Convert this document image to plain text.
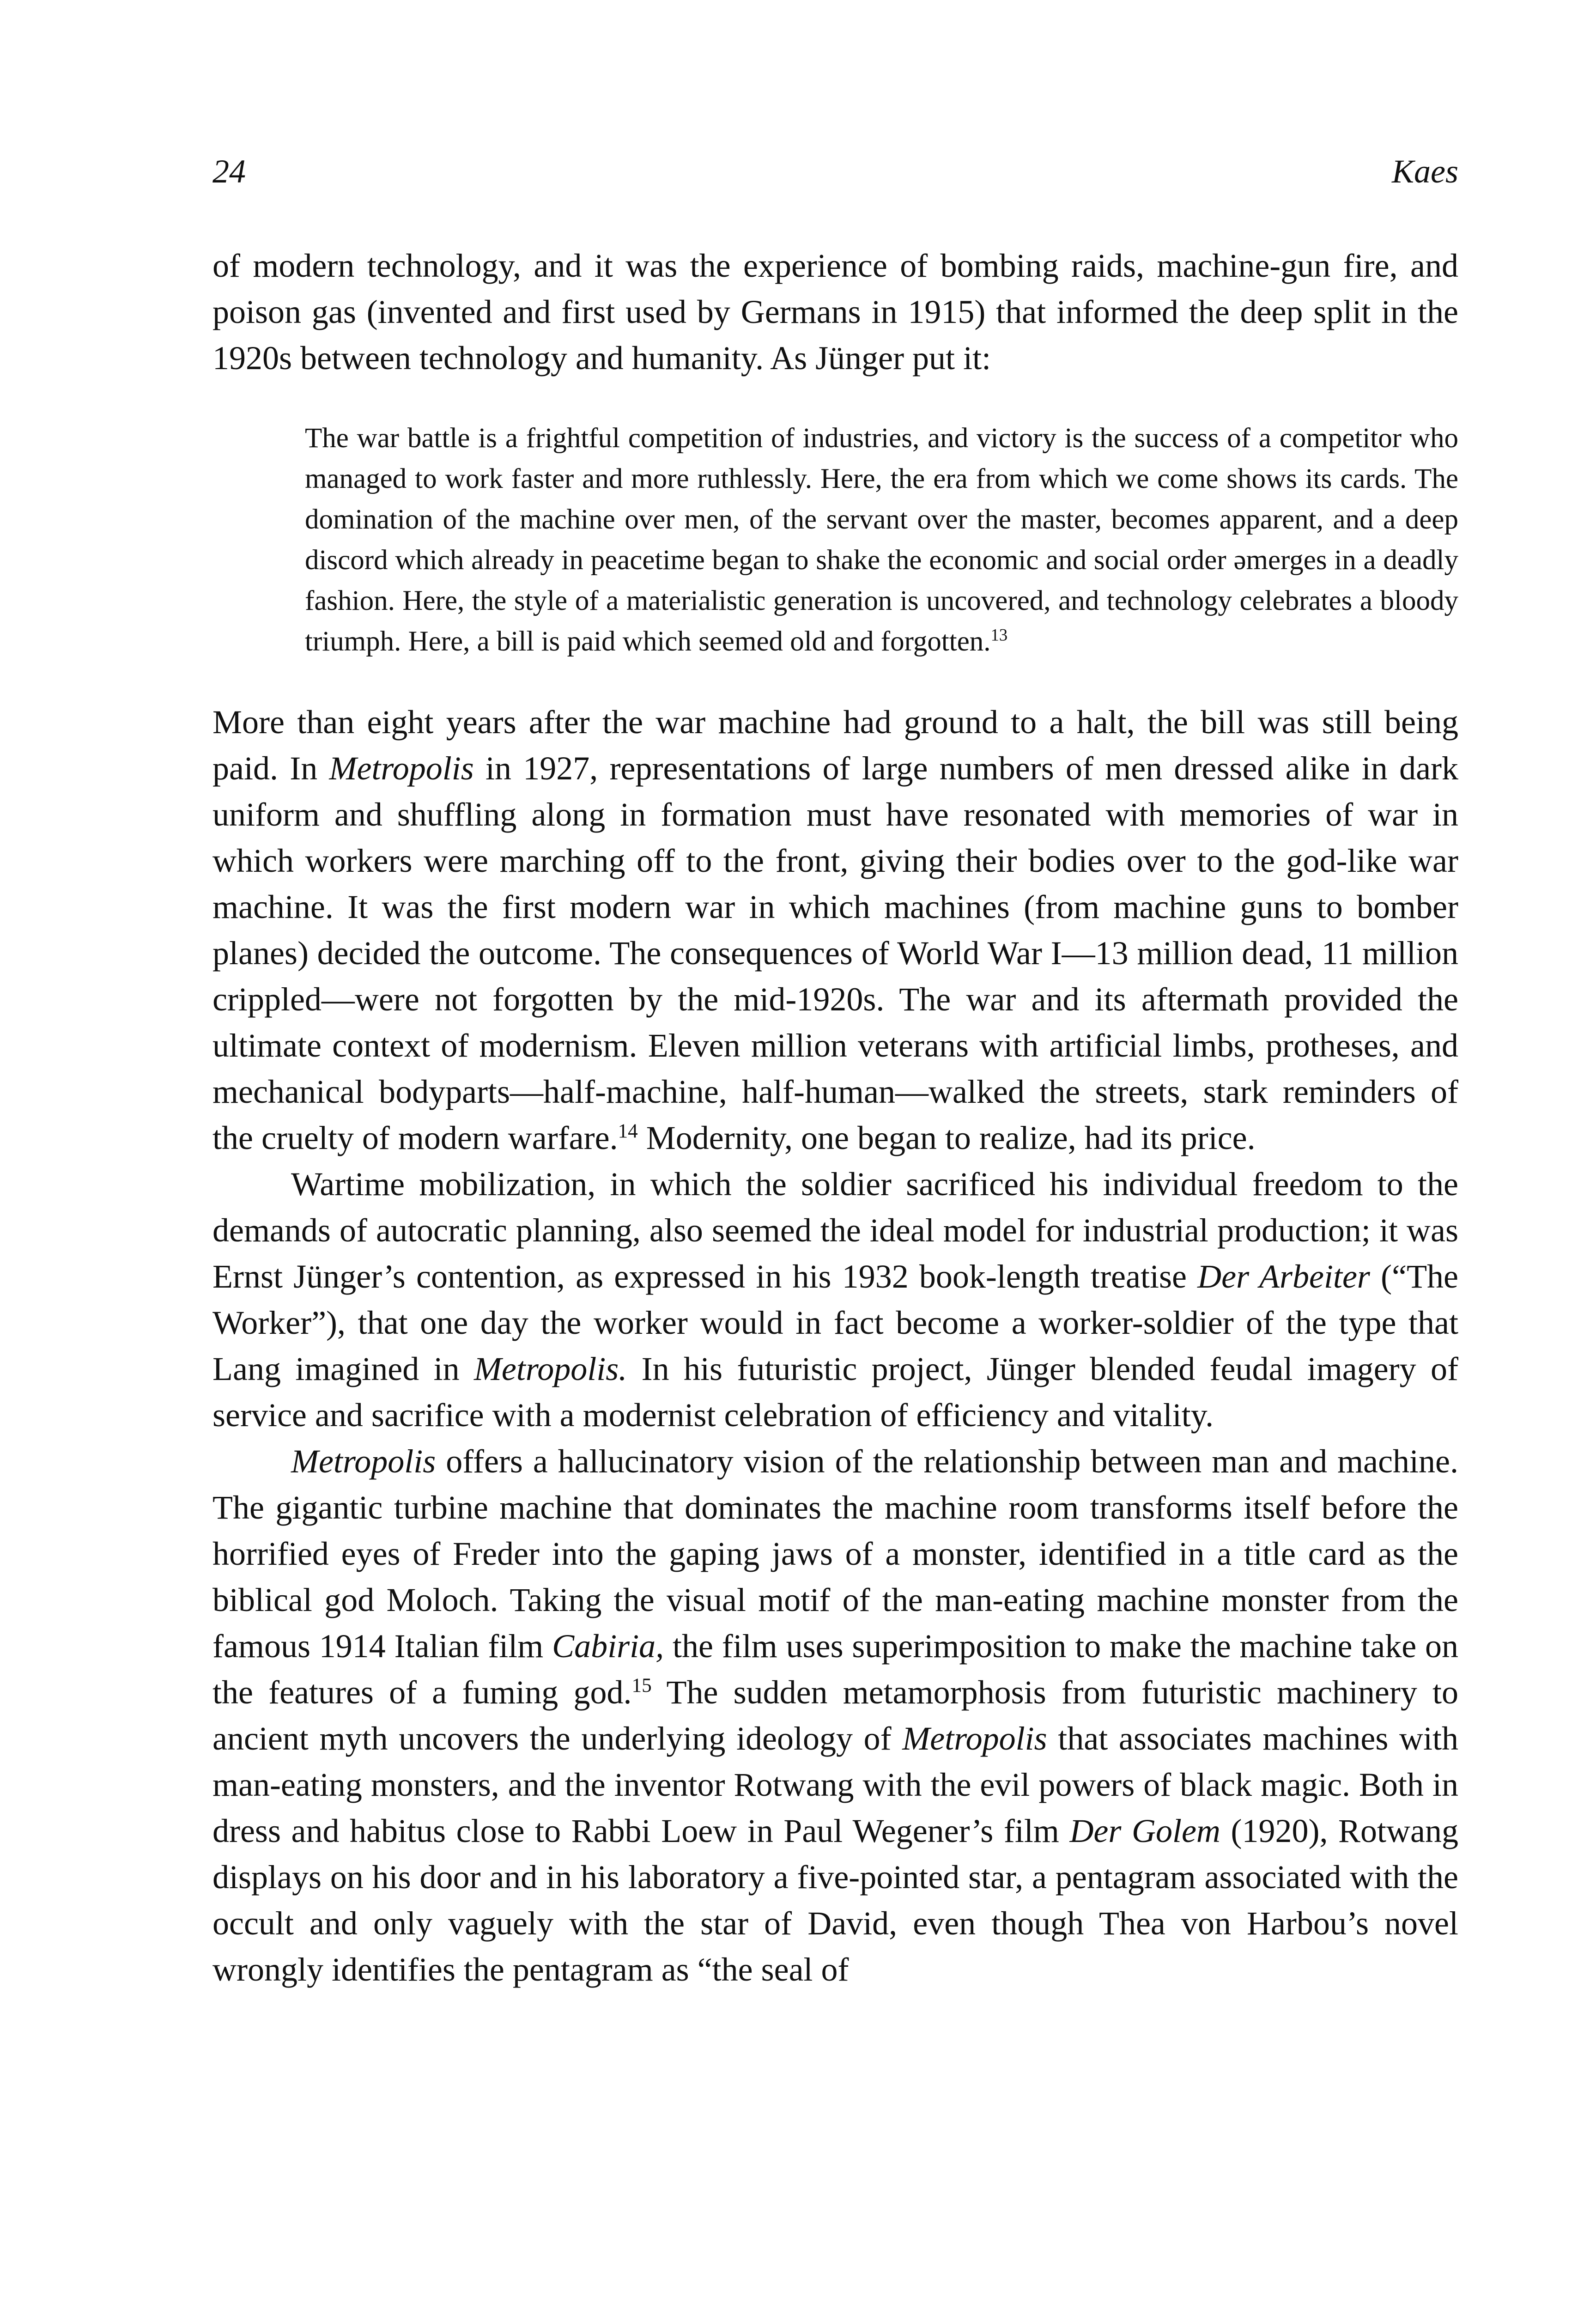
24	Kaes

of modern technology, and it was the experience of bombing raids, machine-gun fire, and poison gas (invented and first used by Germans in 1915) that informed the deep split in the 1920s between technology and humanity. As Jünger put it:

The war battle is a frightful competition of industries, and victory is the success of a competitor who managed to work faster and more ruthlessly. Here, the era from which we come shows its cards. The domination of the machine over men, of the servant over the master, becomes apparent, and a deep discord which already in peacetime began to shake the economic and social order əmerges in a deadly fashion. Here, the style of a materialistic generation is uncovered, and technology celebrates a bloody triumph. Here, a bill is paid which seemed old and forgotten.$^{13}$

More than eight years after the war machine had ground to a halt, the bill was still being paid. In Metropolis in 1927, representations of large numbers of men dressed alike in dark uniform and shuffling along in formation must have resonated with memories of war in which workers were marching off to the front, giving their bodies over to the god-like war machine. It was the first modern war in which machines (from machine guns to bomber planes) decided the outcome. The consequences of World War I—13 million dead, 11 million crippled—were not forgotten by the mid-1920s. The war and its aftermath provided the ultimate context of modernism. Eleven million veterans with artificial limbs, protheses, and mechanical bodyparts—half-machine, half-human—walked the streets, stark reminders of the cruelty of modern warfare.$^{14}$ Modernity, one began to realize, had its price.

Wartime mobilization, in which the soldier sacrificed his individual freedom to the demands of autocratic planning, also seemed the ideal model for industrial production; it was Ernst Jünger’s contention, as expressed in his 1932 book-length treatise Der Arbeiter (“The Worker”), that one day the worker would in fact become a worker-soldier of the type that Lang imagined in Metropolis. In his futuristic project, Jünger blended feudal imagery of service and sacrifice with a modernist celebration of efficiency and vitality.

Metropolis offers a hallucinatory vision of the relationship between man and machine. The gigantic turbine machine that dominates the machine room transforms itself before the horrified eyes of Freder into the gaping jaws of a monster, identified in a title card as the biblical god Moloch. Taking the visual motif of the man-eating machine monster from the famous 1914 Italian film Cabiria, the film uses superimposition to make the machine take on the features of a fuming god.$^{15}$ The sudden metamorphosis from futuristic machinery to ancient myth uncovers the underlying ideology of Metropolis that associates machines with man-eating monsters, and the inventor Rotwang with the evil powers of black magic. Both in dress and habitus close to Rabbi Loew in Paul Wegener’s film Der Golem (1920), Rotwang displays on his door and in his laboratory a five-pointed star, a pentagram associated with the occult and only vaguely with the star of David, even though Thea von Harbou’s novel wrongly identifies the pentagram as “the seal of
